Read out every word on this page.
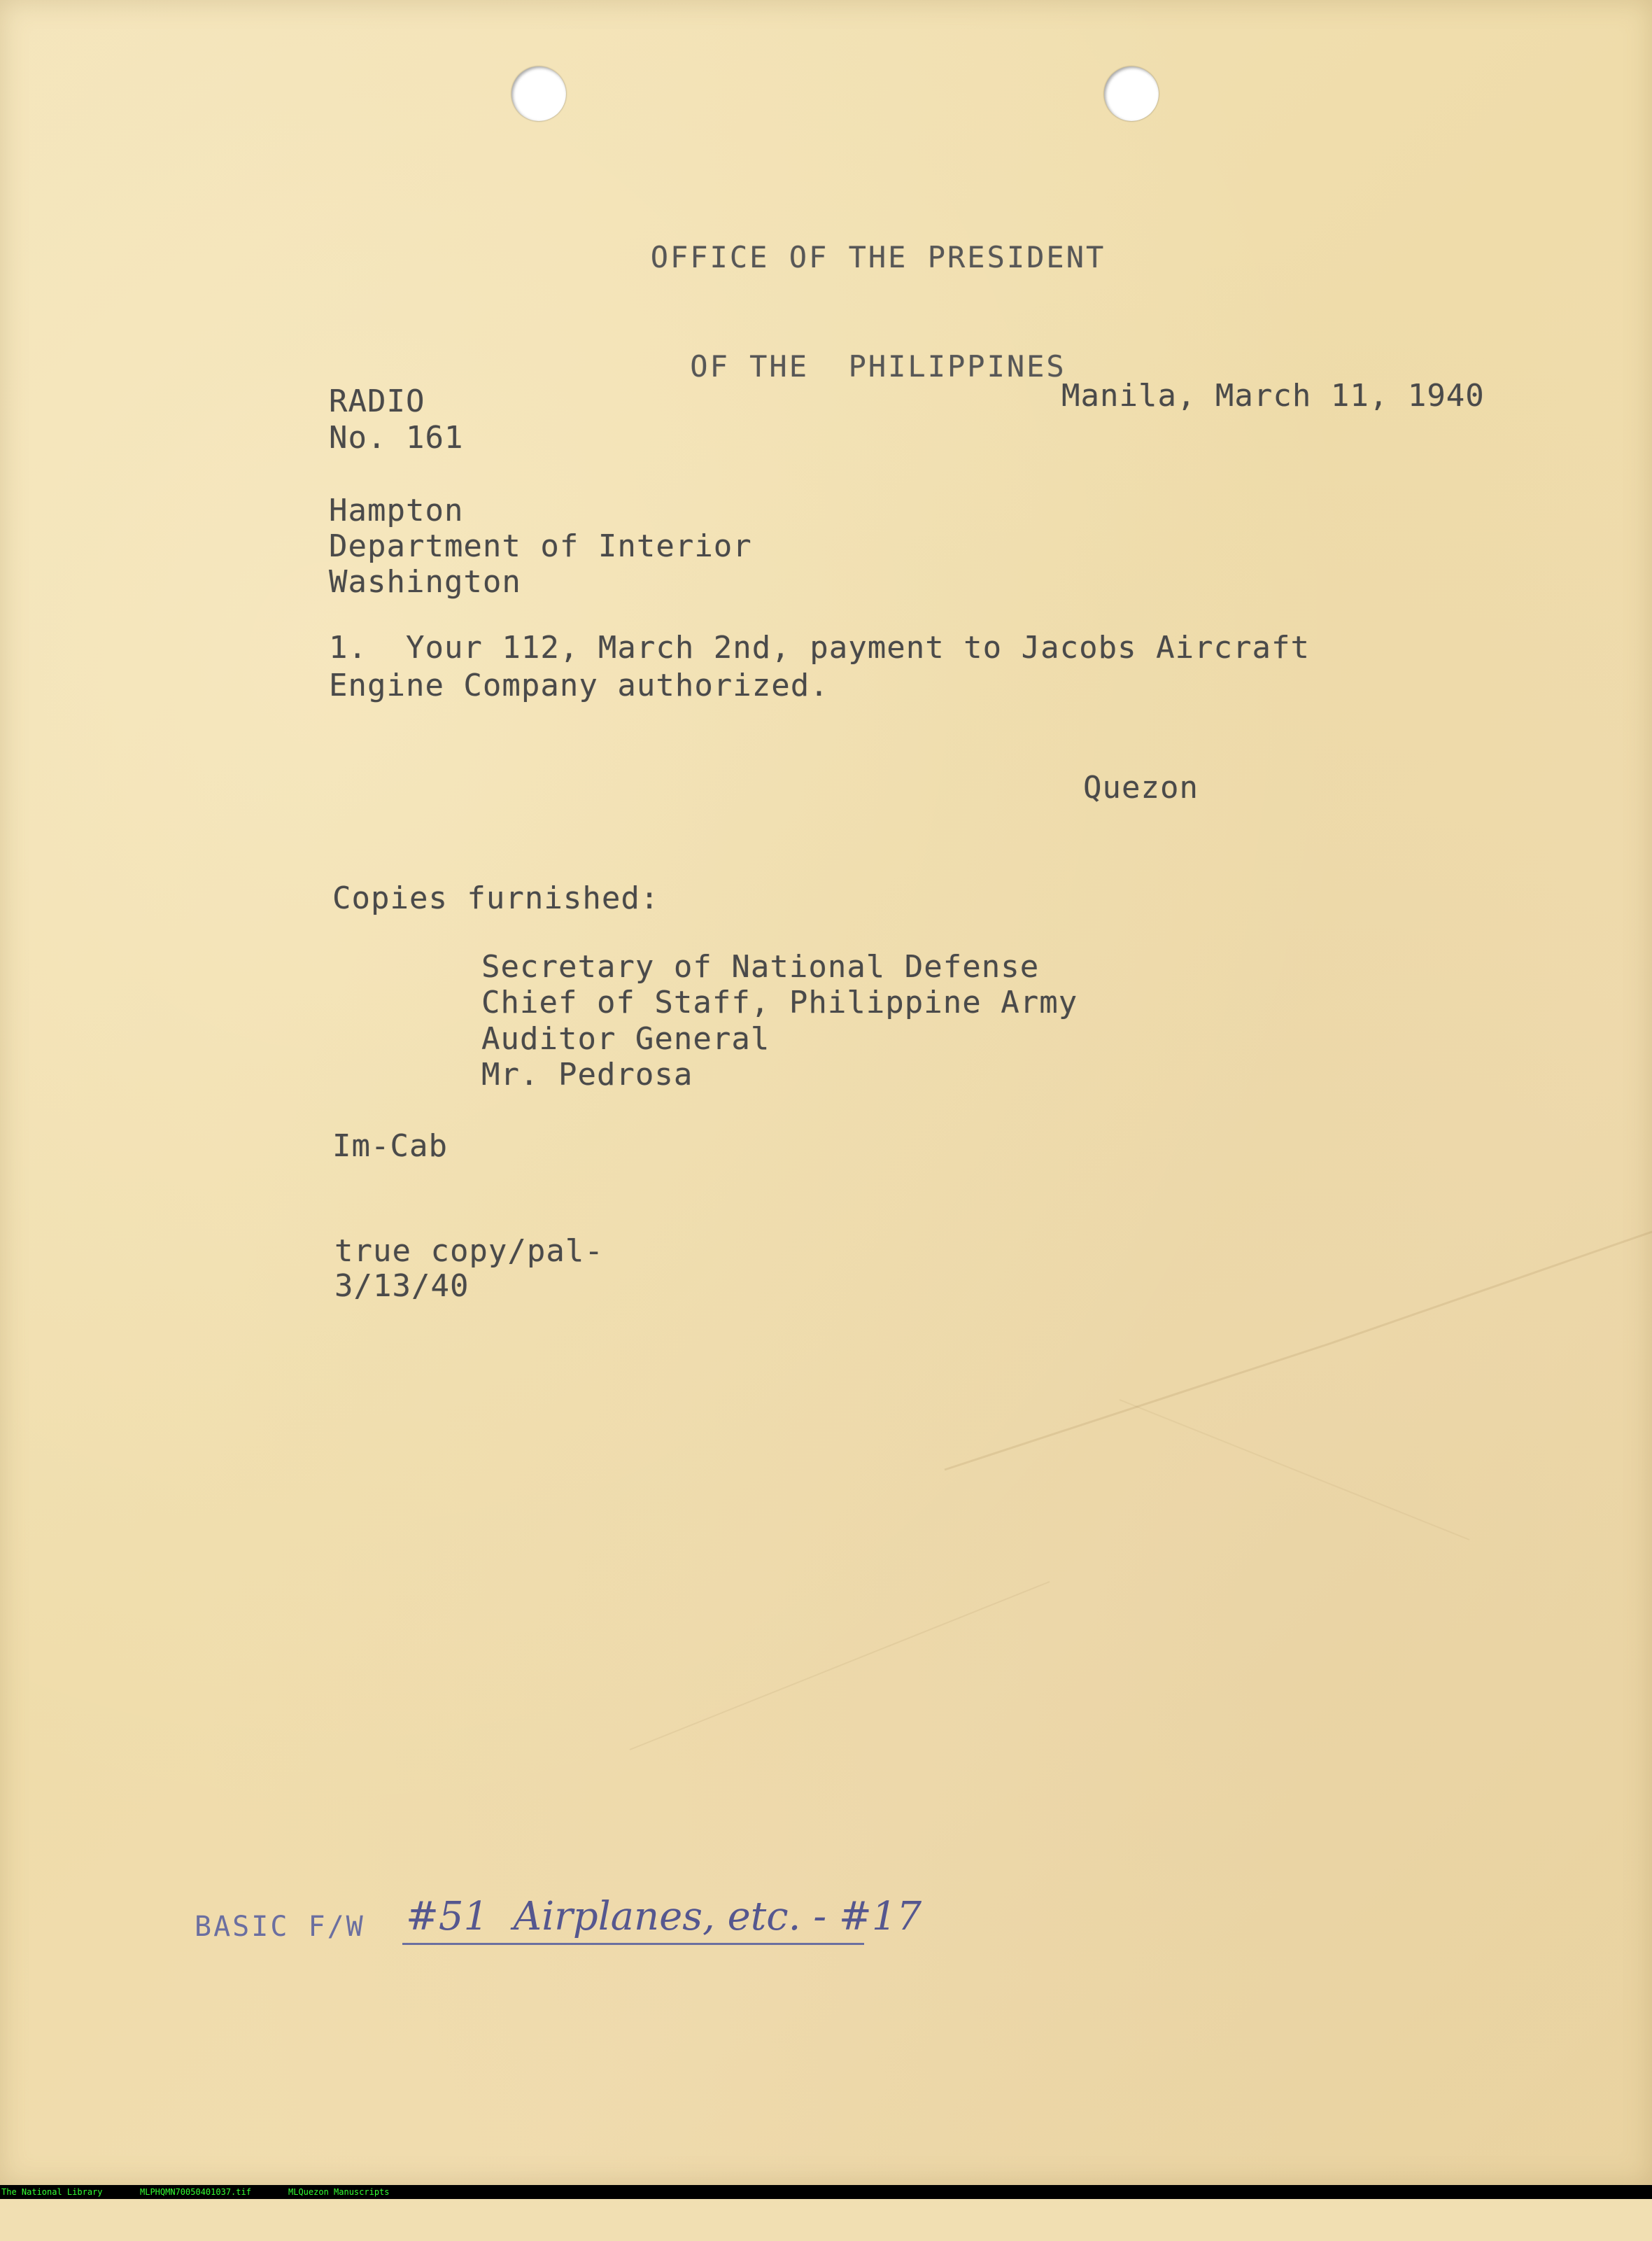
OFFICE OF THE PRESIDENT

OF THE  PHILIPPINES

RADIO
No. 161
Manila, March 11, 1940
Hampton
Department of Interior
Washington
1.  Your 112, March 2nd, payment to Jacobs Aircraft
Engine Company authorized.
Quezon
Copies furnished:
Secretary of National Defense
Chief of Staff, Philippine Army
Auditor General
Mr. Pedrosa
Im-Cab
true copy/pal-
3/13/40
BASIC F/W #51  Airplanes, etc. - #17

The National Library

	MLPHQMN70050401037.tif

	MLQuezon Manuscripts
